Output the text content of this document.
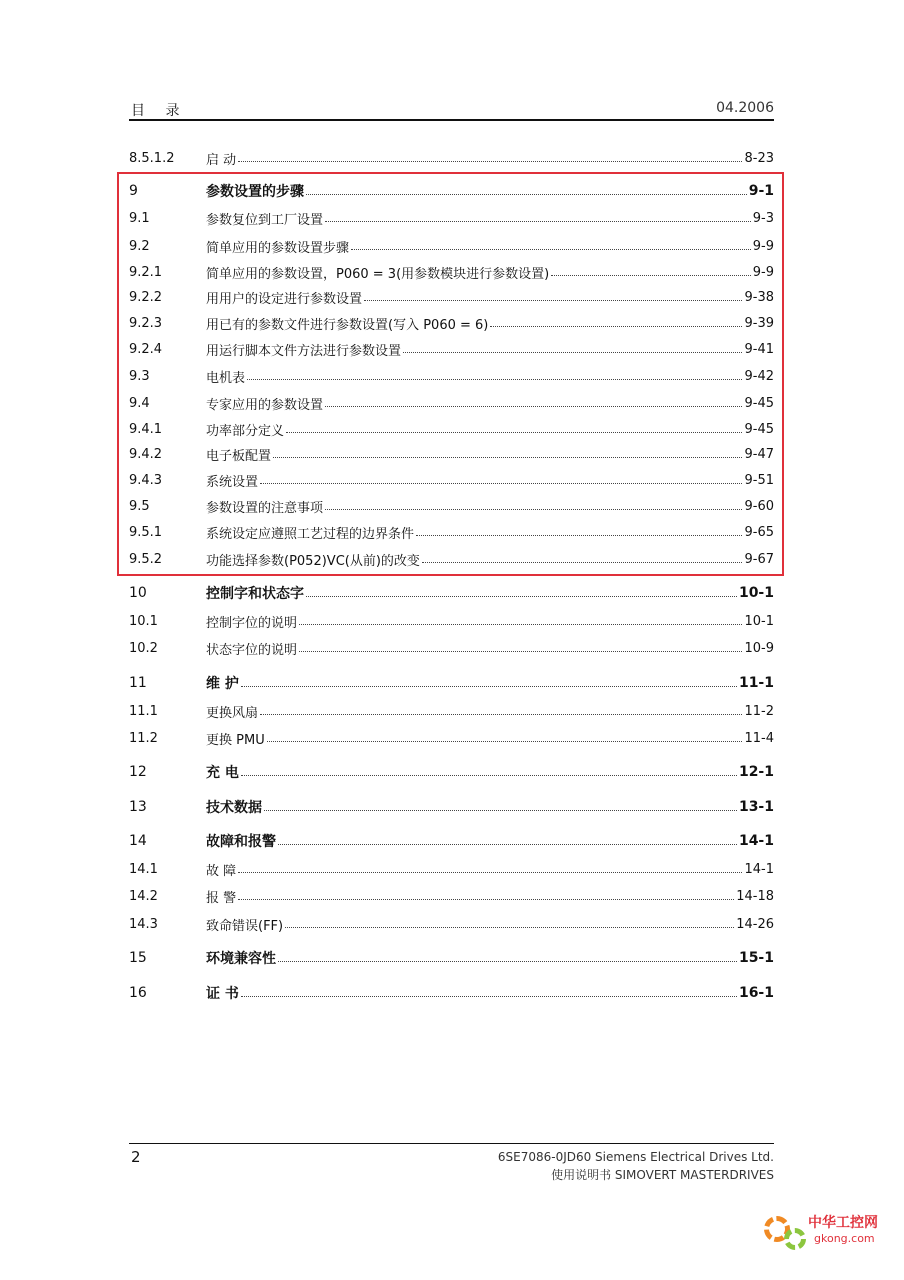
目 录	04.2006
8.5.1.2	启 动	8-23
9	参数设置的步骤	9-1
9.1	参数复位到工厂设置	9-3
9.2	简单应用的参数设置步骤	9-9
9.2.1	简单应用的参数设置，P060 = 3(用参数模块进行参数设置)	9-9
9.2.2	用用户的设定进行参数设置	9-38
9.2.3	用已有的参数文件进行参数设置(写入 P060 = 6)	9-39
9.2.4	用运行脚本文件方法进行参数设置	9-41
9.3	电机表	9-42
9.4	专家应用的参数设置	9-45
9.4.1	功率部分定义	9-45
9.4.2	电子板配置	9-47
9.4.3	系统设置	9-51
9.5	参数设置的注意事项	9-60
9.5.1	系统设定应遵照工艺过程的边界条件	9-65
9.5.2	功能选择参数(P052)VC(从前)的改变	9-67
10	控制字和状态字	10-1
10.1	控制字位的说明	10-1
10.2	状态字位的说明	10-9
11	维 护	11-1
11.1	更换风扇	11-2
11.2	更换 PMU	11-4
12	充 电	12-1
13	技术数据	13-1
14	故障和报警	14-1
14.1	故 障	14-1
14.2	报 警	14-18
14.3	致命错误(FF)	14-26
15	环境兼容性	15-1
16	证 书	16-1
2	6SE7086-0JD60 Siemens Electrical Drives Ltd.
使用说明书 SIMOVERT MASTERDRIVES
中华工控网
gkong.com
